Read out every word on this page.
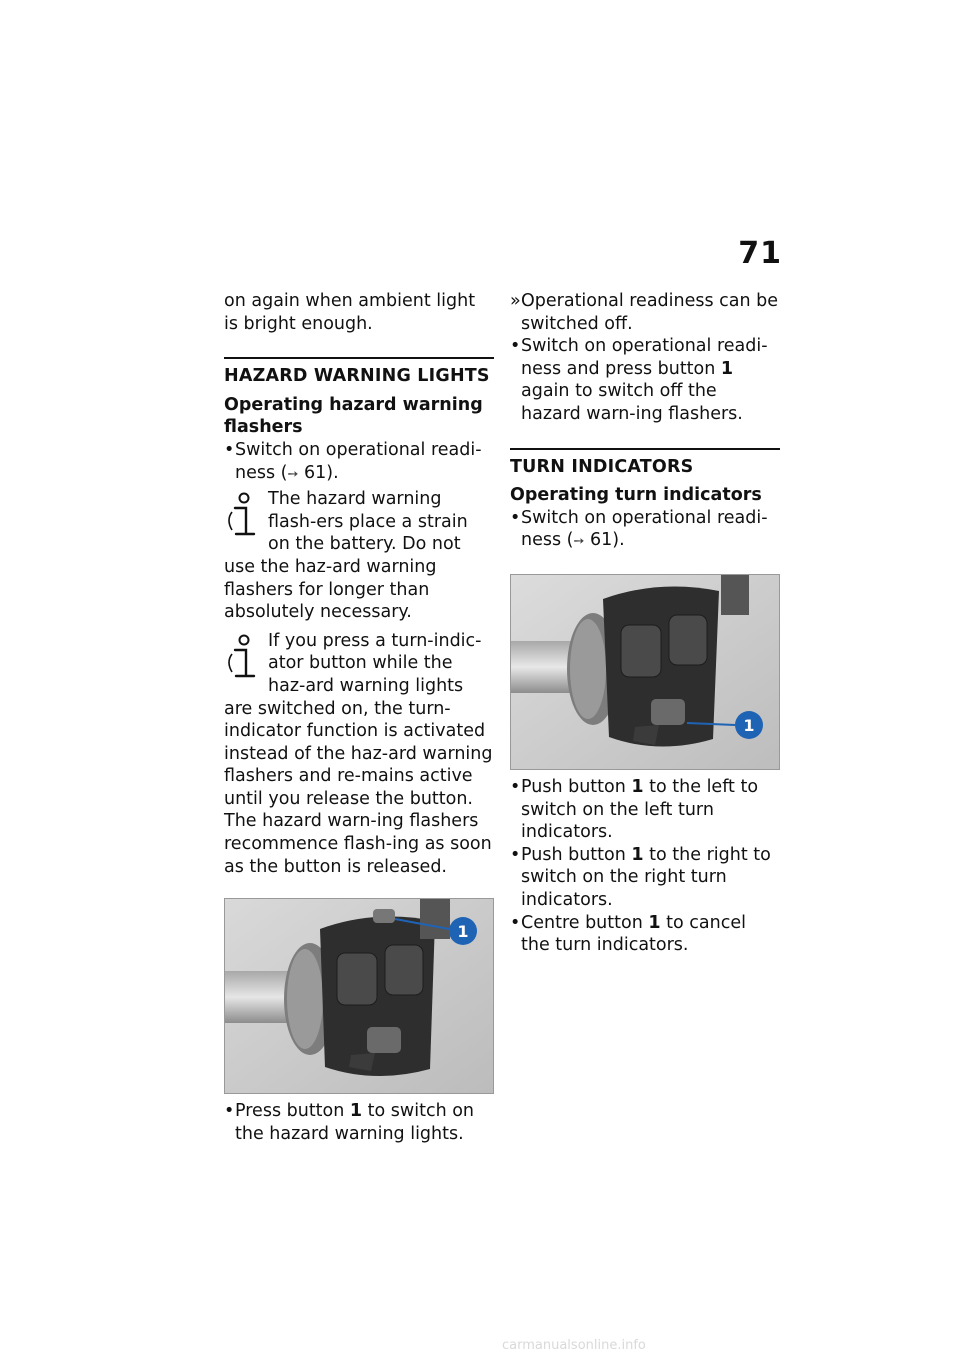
71

on again when ambient light is bright enough.

HAZARD WARNING LIGHTS
Operating hazard warning flashers
• Switch on operational readi-ness (➙ 61).
The hazard warning flash-ers place a strain on the battery. Do not use the haz-ard warning flashers for longer than absolutely necessary.
If you press a turn-indic-ator button while the haz-ard warning lights are switched on, the turn-indicator function is activated instead of the haz-ard warning flashers and re-mains active until you release the button. The hazard warn-ing flashers recommence flash-ing as soon as the button is released.
1
• Press button 1 to switch on the hazard warning lights.
» Operational readiness can be switched off.
• Switch on operational readi-ness and press button 1 again to switch off the hazard warn-ing flashers.
TURN INDICATORS
Operating turn indicators
• Switch on operational readi-ness (➙ 61).
1
• Push button 1 to the left to switch on the left turn indicators.
• Push button 1 to the right to switch on the right turn indicators.
• Centre button 1 to cancel the turn indicators.
carmanualsonline.info
